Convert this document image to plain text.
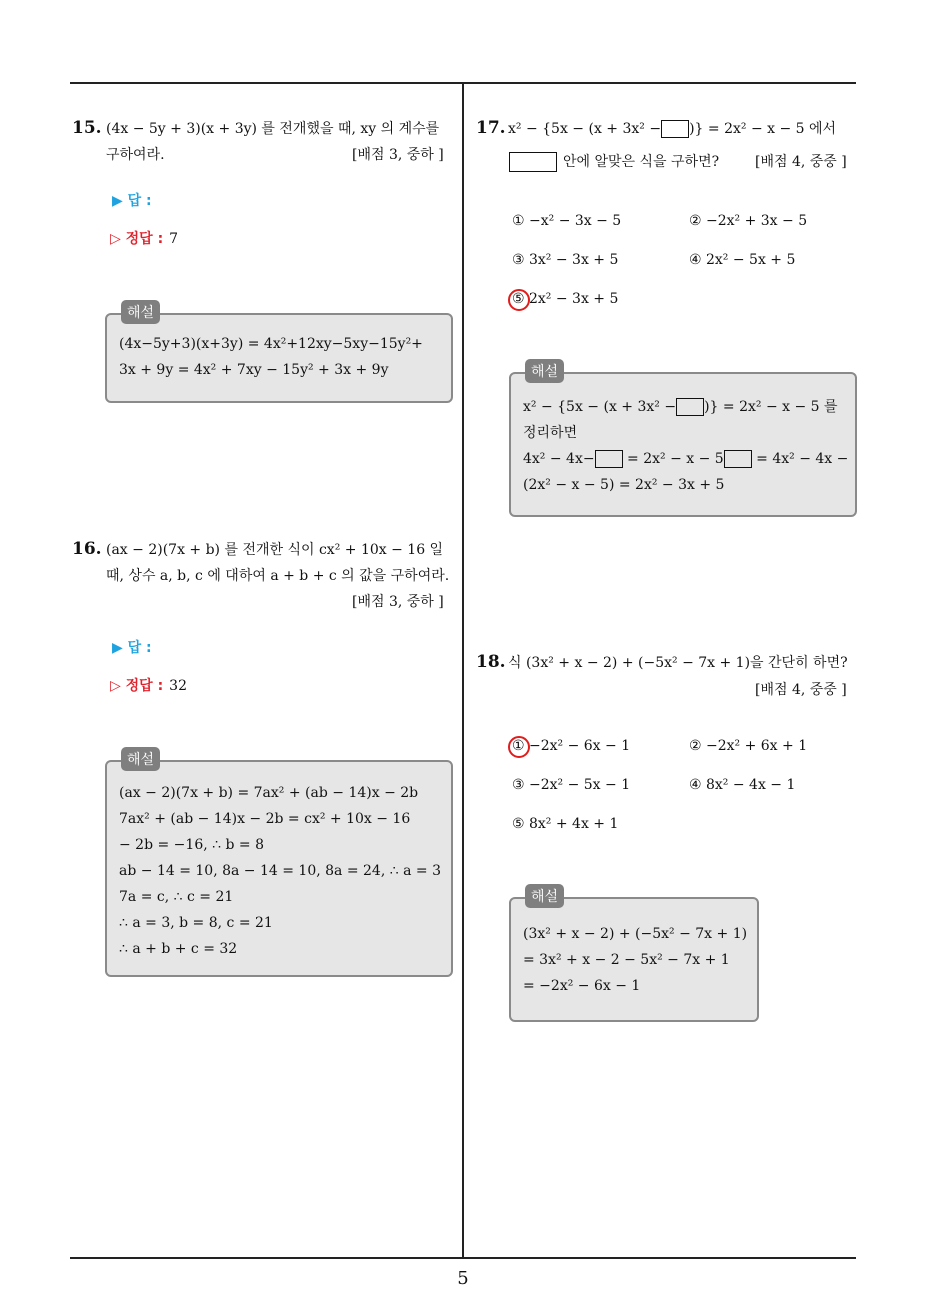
15. (4x − 5y + 3)(x + 3y) 를 전개했을 때, xy 의 계수를
구하여라.	[배점 3, 중하 ]
▶ 답 :
▷ 정답 : 7
해설
(4x−5y+3)(x+3y) = 4x²+12xy−5xy−15y²+
3x + 9y = 4x² + 7xy − 15y² + 3x + 9y
16. (ax − 2)(7x + b) 를 전개한 식이 cx² + 10x − 16 일
때, 상수 a, b, c 에 대하여 a + b + c 의 값을 구하여라.
[배점 3, 중하 ]
▶ 답 :
▷ 정답 : 32
해설
(ax − 2)(7x + b) = 7ax² + (ab − 14)x − 2b
7ax² + (ab − 14)x − 2b = cx² + 10x − 16
− 2b = −16, ∴ b = 8
ab − 14 = 10, 8a − 14 = 10, 8a = 24, ∴ a = 3
7a = c, ∴ c = 21
∴ a = 3, b = 8, c = 21
∴ a + b + c = 32
17. x² − {5x − (x + 3x² − )} = 2x² − x − 5 에서
안에 알맞은 식을 구하면?	[배점 4, 중중 ]
① −x² − 3x − 5	② −2x² + 3x − 5
③ 3x² − 3x + 5	④ 2x² − 5x + 5
⑤ 2x² − 3x + 5
해설
x² − {5x − (x + 3x² − )} = 2x² − x − 5 를
정리하면
4x² − 4x− = 2x² − x − 5 = 4x² − 4x −
(2x² − x − 5) = 2x² − 3x + 5
18. 식 (3x² + x − 2) + (−5x² − 7x + 1)을 간단히 하면?
[배점 4, 중중 ]
① −2x² − 6x − 1	② −2x² + 6x + 1
③ −2x² − 5x − 1	④ 8x² − 4x − 1
⑤ 8x² + 4x + 1
해설
(3x² + x − 2) + (−5x² − 7x + 1)
= 3x² + x − 2 − 5x² − 7x + 1
= −2x² − 6x − 1
5
